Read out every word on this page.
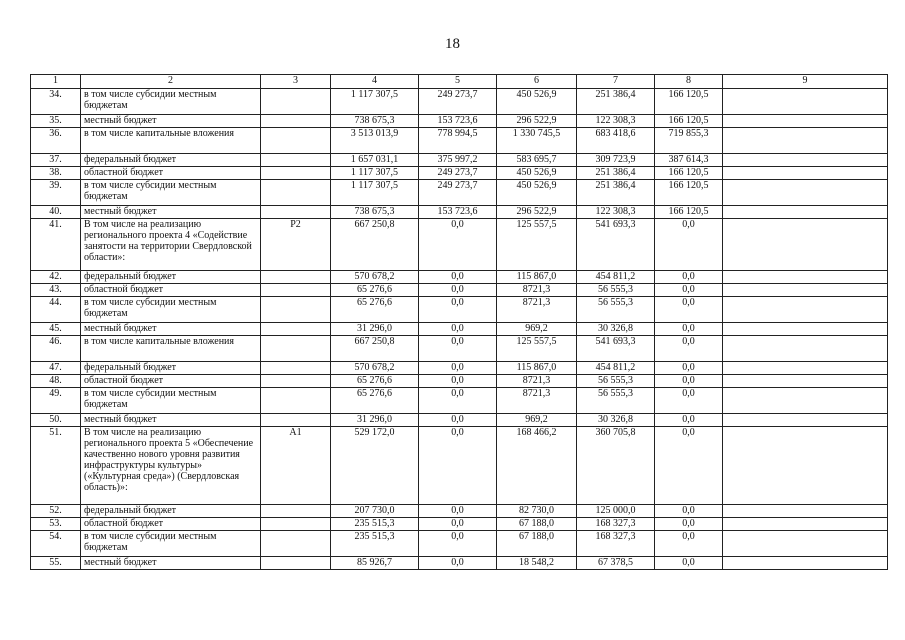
18
1	2	3	4	5	6	7	8	9
34.	в том числе субсидии местным бюджетам		1 117 307,5	249 273,7	450 526,9	251 386,4	166 120,5	
35.	местный бюджет		738 675,3	153 723,6	296 522,9	122 308,3	166 120,5	
36.	в том числе капитальные вложения		3 513 013,9	778 994,5	1 330 745,5	683 418,6	719 855,3	
37.	федеральный бюджет		1 657 031,1	375 997,2	583 695,7	309 723,9	387 614,3	
38.	областной бюджет		1 117 307,5	249 273,7	450 526,9	251 386,4	166 120,5	
39.	в том числе субсидии местным бюджетам		1 117 307,5	249 273,7	450 526,9	251 386,4	166 120,5	
40.	местный бюджет		738 675,3	153 723,6	296 522,9	122 308,3	166 120,5	
41.	В том числе на реализацию регионального проекта 4 «Содействие занятости на территории Свердловской области»:	Р2	667 250,8	0,0	125 557,5	541 693,3	0,0	
42.	федеральный бюджет		570 678,2	0,0	115 867,0	454 811,2	0,0	
43.	областной бюджет		65 276,6	0,0	8721,3	56 555,3	0,0	
44.	в том числе субсидии местным бюджетам		65 276,6	0,0	8721,3	56 555,3	0,0	
45.	местный бюджет		31 296,0	0,0	969,2	30 326,8	0,0	
46.	в том числе капитальные вложения		667 250,8	0,0	125 557,5	541 693,3	0,0	
47.	федеральный бюджет		570 678,2	0,0	115 867,0	454 811,2	0,0	
48.	областной бюджет		65 276,6	0,0	8721,3	56 555,3	0,0	
49.	в том числе субсидии местным бюджетам		65 276,6	0,0	8721,3	56 555,3	0,0	
50.	местный бюджет		31 296,0	0,0	969,2	30 326,8	0,0	
51.	В том числе на реализацию регионального проекта 5 «Обеспечение качественно нового уровня развития инфраструктуры культуры» («Культурная среда») (Свердловская область)»:	А1	529 172,0	0,0	168 466,2	360 705,8	0,0	
52.	федеральный бюджет		207 730,0	0,0	82 730,0	125 000,0	0,0	
53.	областной бюджет		235 515,3	0,0	67 188,0	168 327,3	0,0	
54.	в том числе субсидии местным бюджетам		235 515,3	0,0	67 188,0	168 327,3	0,0	
55.	местный бюджет		85 926,7	0,0	18 548,2	67 378,5	0,0	
